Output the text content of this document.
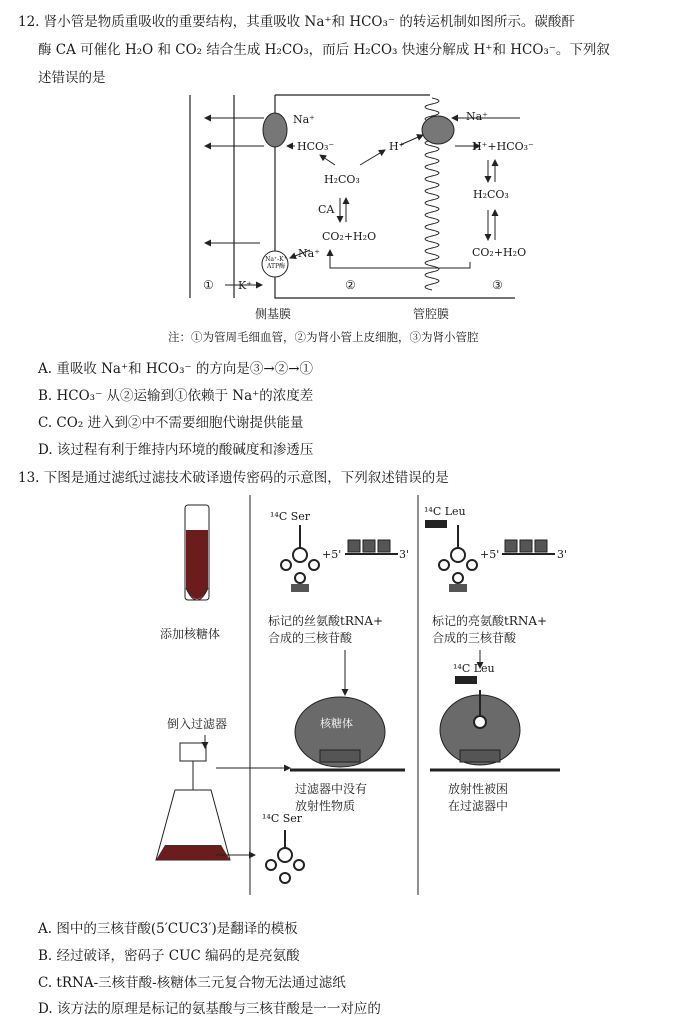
12. 肾小管是物质重吸收的重要结构，其重吸收 Na⁺和 HCO₃⁻ 的转运机制如图所示。碳酸酐
酶 CA 可催化 H₂O 和 CO₂ 结合生成 H₂CO₃，而后 H₂CO₃ 快速分解成 H⁺和 HCO₃⁻。下列叙
述错误的是
Na⁺
HCO₃⁻
H₂CO₃
CA
CO₂+H₂O
H⁺
Na⁺
Na⁺-K⁺ ATP酶
K⁺
Na⁺
H⁺+HCO₃⁻
H₂CO₃
CO₂+H₂O
①	②	③
侧基膜	管腔膜
注：①为管周毛细血管，②为肾小管上皮细胞，③为肾小管腔
A. 重吸收 Na⁺和 HCO₃⁻ 的方向是③→②→①
B. HCO₃⁻ 从②运输到①依赖于 Na⁺的浓度差
C. CO₂ 进入到②中不需要细胞代谢提供能量
D. 该过程有利于维持内环境的酸碱度和渗透压
13. 下图是通过滤纸过滤技术破译遗传密码的示意图，下列叙述错误的是
添加核糖体
倒入过滤器
¹⁴C Ser	¹⁴C Leu
+5'	3'	+5'	3'
标记的丝氨酸tRNA+
合成的三核苷酸
标记的亮氨酸tRNA+
合成的三核苷酸
¹⁴C Leu
核糖体
过滤器中没有
放射性物质
放射性被困
在过滤器中
¹⁴C Ser
A. 图中的三核苷酸(5′CUC3′)是翻译的模板
B. 经过破译，密码子 CUC 编码的是亮氨酸
C. tRNA-三核苷酸-核糖体三元复合物无法通过滤纸
D. 该方法的原理是标记的氨基酸与三核苷酸是一一对应的
